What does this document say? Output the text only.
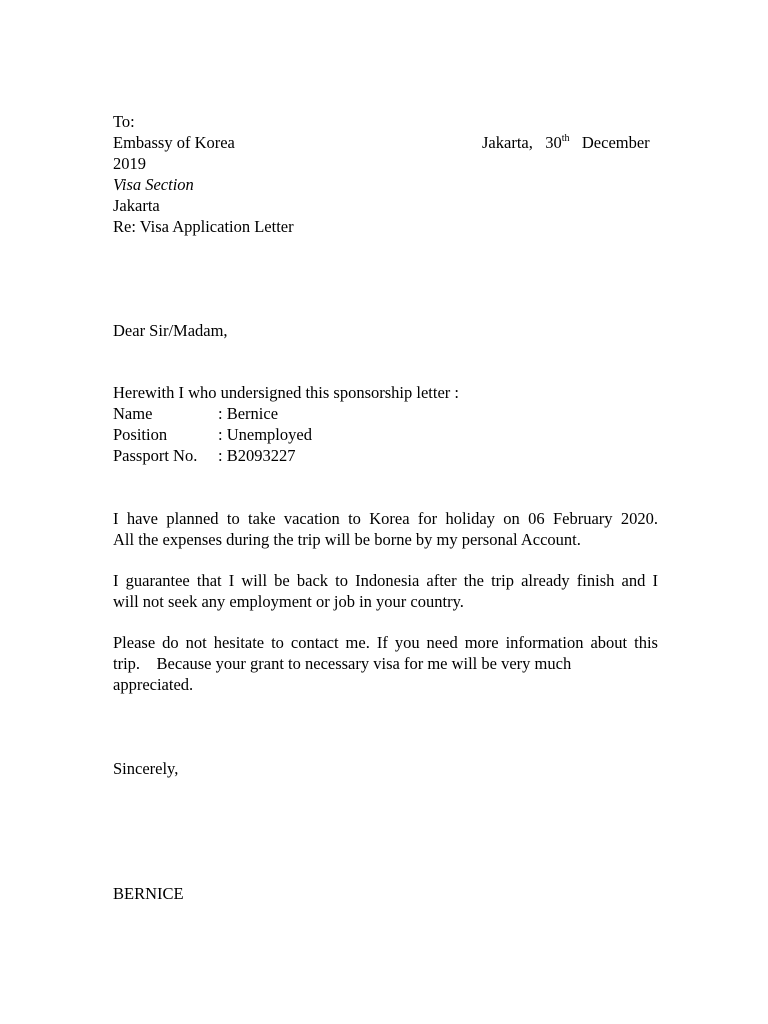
To:
Embassy of Korea	Jakarta, 30th December
2019
Visa Section
Jakarta
Re: Visa Application Letter
Dear Sir/Madam,
Herewith I who undersigned this sponsorship letter :
Name	: Bernice
Position	: Unemployed
Passport No. : B2093227
I have planned to take vacation to Korea for holiday on 06 February 2020.
All the expenses during the trip will be borne by my personal Account.
I guarantee that I will be back to Indonesia after the trip already finish and I
will not seek any employment or job in your country.
Please do not hesitate to contact me. If you need more information about this
trip.    Because your grant to necessary visa for me will be very much
appreciated.
Sincerely,
BERNICE
